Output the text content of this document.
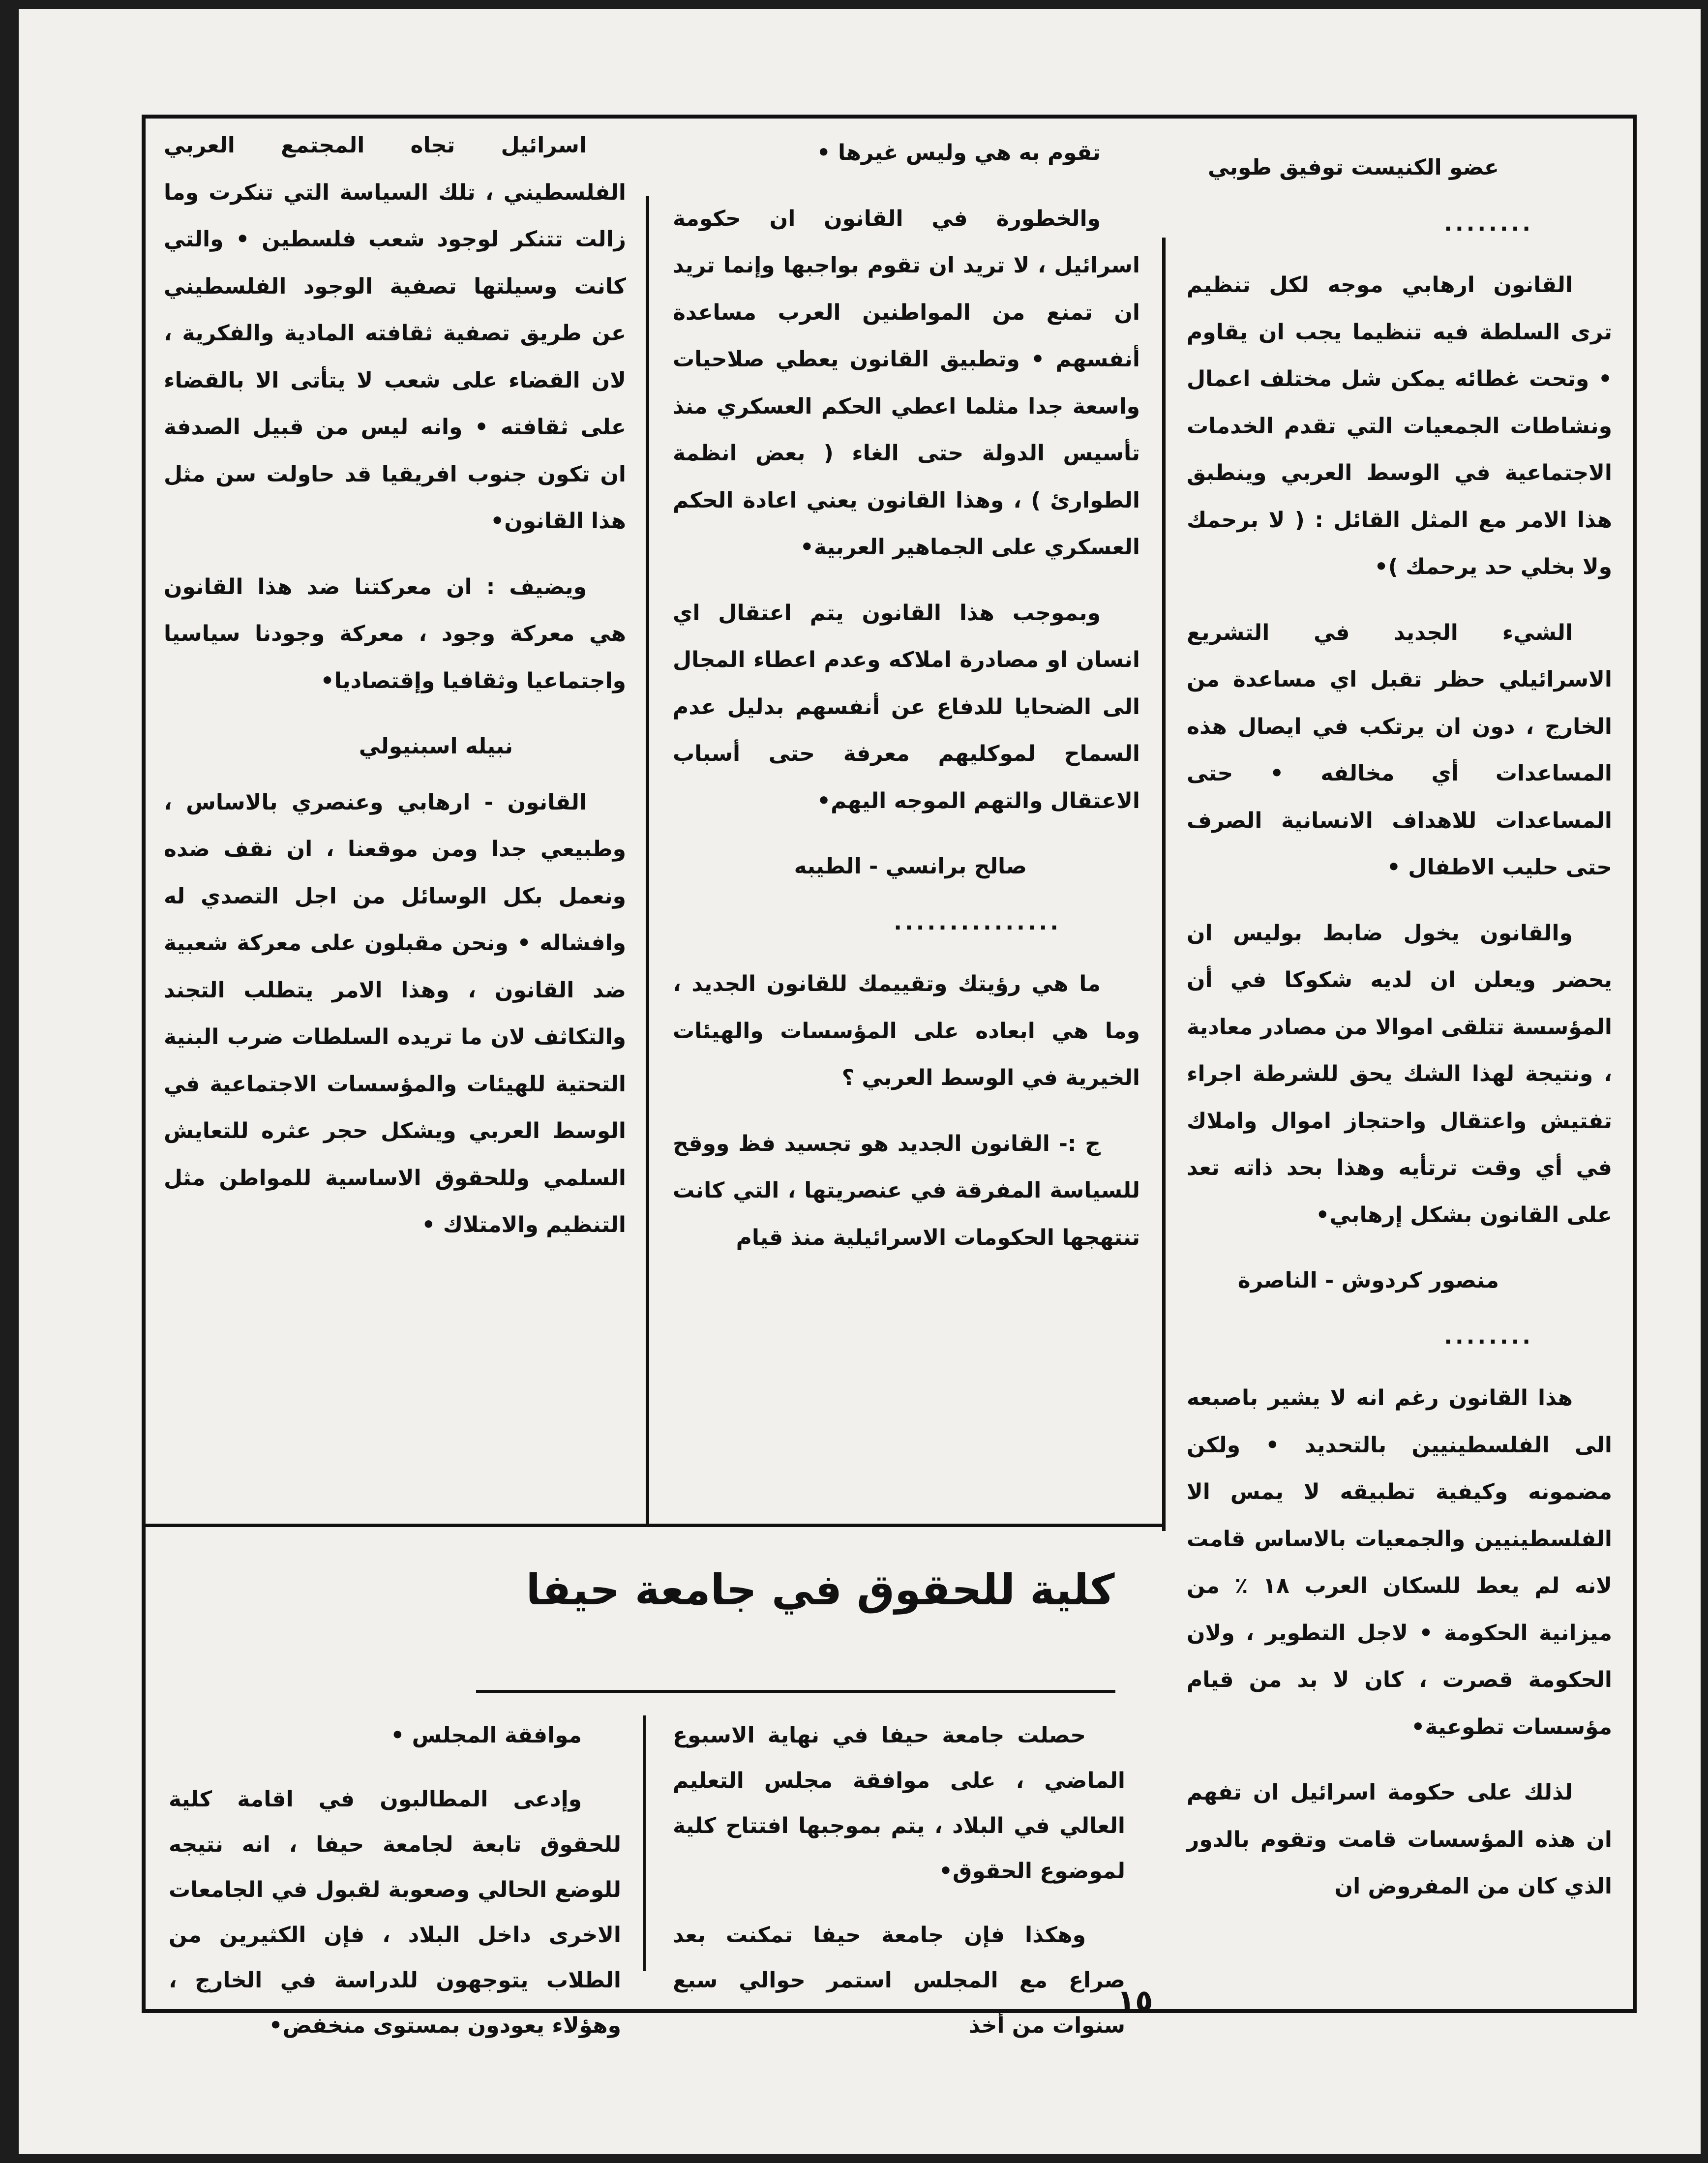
عضو الكنيست توفيق طوبي

........

القانون ارهابي موجه لكل تنظيم ترى السلطة فيه تنظيما يجب ان يقاوم • وتحت غطائه يمكن شل مختلف اعمال ونشاطات الجمعيات التي تقدم الخدمات الاجتماعية في الوسط العربي وينطبق هذا الامر مع المثل القائل : ( لا برحمك ولا بخلي حد يرحمك )•

الشيء الجديد في التشريع الاسرائيلي حظر تقبل اي مساعدة من الخارج ، دون ان يرتكب في ايصال هذه المساعدات أي مخالفه • حتى المساعدات للاهداف الانسانية الصرف حتى حليب الاطفال •

والقانون يخول ضابط بوليس ان يحضر ويعلن ان لديه شكوكا في أن المؤسسة تتلقى اموالا من مصادر معادية ، ونتيجة لهذا الشك يحق للشرطة اجراء تفتيش واعتقال واحتجاز اموال واملاك في أي وقت ترتأيه وهذا بحد ذاته تعد على القانون بشكل إرهابي•

منصور كردوش - الناصرة

........

هذا القانون رغم انه لا يشير باصبعه الى الفلسطينيين بالتحديد • ولكن مضمونه وكيفية تطبيقه لا يمس الا الفلسطينيين والجمعيات بالاساس قامت لانه لم يعط للسكان العرب ١٨ ٪ من ميزانية الحكومة • لاجل التطوير ، ولان الحكومة قصرت ، كان لا بد من قيام مؤسسات تطوعية•

لذلك على حكومة اسرائيل ان تفهم ان هذه المؤسسات قامت وتقوم بالدور الذي كان من المفروض ان

تقوم به هي وليس غيرها •

والخطورة في القانون ان حكومة اسرائيل ، لا تريد ان تقوم بواجبها وإنما تريد ان تمنع من المواطنين العرب مساعدة أنفسهم • وتطبيق القانون يعطي صلاحيات واسعة جدا مثلما اعطي الحكم العسكري منذ تأسيس الدولة حتى الغاء ( بعض انظمة الطوارئ ) ، وهذا القانون يعني اعادة الحكم العسكري على الجماهير العربية•

وبموجب هذا القانون يتم اعتقال اي انسان او مصادرة املاكه وعدم اعطاء المجال الى الضحايا للدفاع عن أنفسهم بدليل عدم السماح لموكليهم معرفة حتى أسباب الاعتقال والتهم الموجه اليهم•

صالح برانسي - الطيبه

...............

ما هي رؤيتك وتقييمك للقانون الجديد ، وما هي ابعاده على المؤسسات والهيئات الخيرية في الوسط العربي ؟

ج :- القانون الجديد هو تجسيد فظ ووقح للسياسة المفرقة في عنصريتها ، التي كانت تنتهجها الحكومات الاسرائيلية منذ قيام

اسرائيل تجاه المجتمع العربي الفلسطيني ، تلك السياسة التي تنكرت وما زالت تتنكر لوجود شعب فلسطين • والتي كانت وسيلتها تصفية الوجود الفلسطيني عن طريق تصفية ثقافته المادية والفكرية ، لان القضاء على شعب لا يتأتى الا بالقضاء على ثقافته • وانه ليس من قبيل الصدفة ان تكون جنوب افريقيا قد حاولت سن مثل هذا القانون•

ويضيف : ان معركتنا ضد هذا القانون هي معركة وجود ، معركة وجودنا سياسيا واجتماعيا وثقافيا وإقتصاديا•

نبيله اسبنيولي

القانون - ارهابي وعنصري بالاساس ، وطبيعي جدا ومن موقعنا ، ان نقف ضده ونعمل بكل الوسائل من اجل التصدي له وافشاله • ونحن مقبلون على معركة شعبية ضد القانون ، وهذا الامر يتطلب التجند والتكاثف لان ما تريده السلطات ضرب البنية التحتية للهيئات والمؤسسات الاجتماعية في الوسط العربي ويشكل حجر عثره للتعايش السلمي وللحقوق الاساسية للمواطن مثل التنظيم والامتلاك •

كلية للحقوق في جامعة حيفا

حصلت جامعة حيفا في نهاية الاسبوع الماضي ، على موافقة مجلس التعليم العالي في البلاد ، يتم بموجبها افتتاح كلية لموضوع الحقوق•

وهكذا فإن جامعة حيفا تمكنت بعد صراع مع المجلس استمر حوالي سبع سنوات من أخذ

موافقة المجلس •

وإدعى المطالبون في اقامة كلية للحقوق تابعة لجامعة حيفا ، انه نتيجه للوضع الحالي وصعوبة لقبول في الجامعات الاخرى داخل البلاد ، فإن الكثيرين من الطلاب يتوجهون للدراسة في الخارج ، وهؤلاء يعودون بمستوى منخفض•

١٥
